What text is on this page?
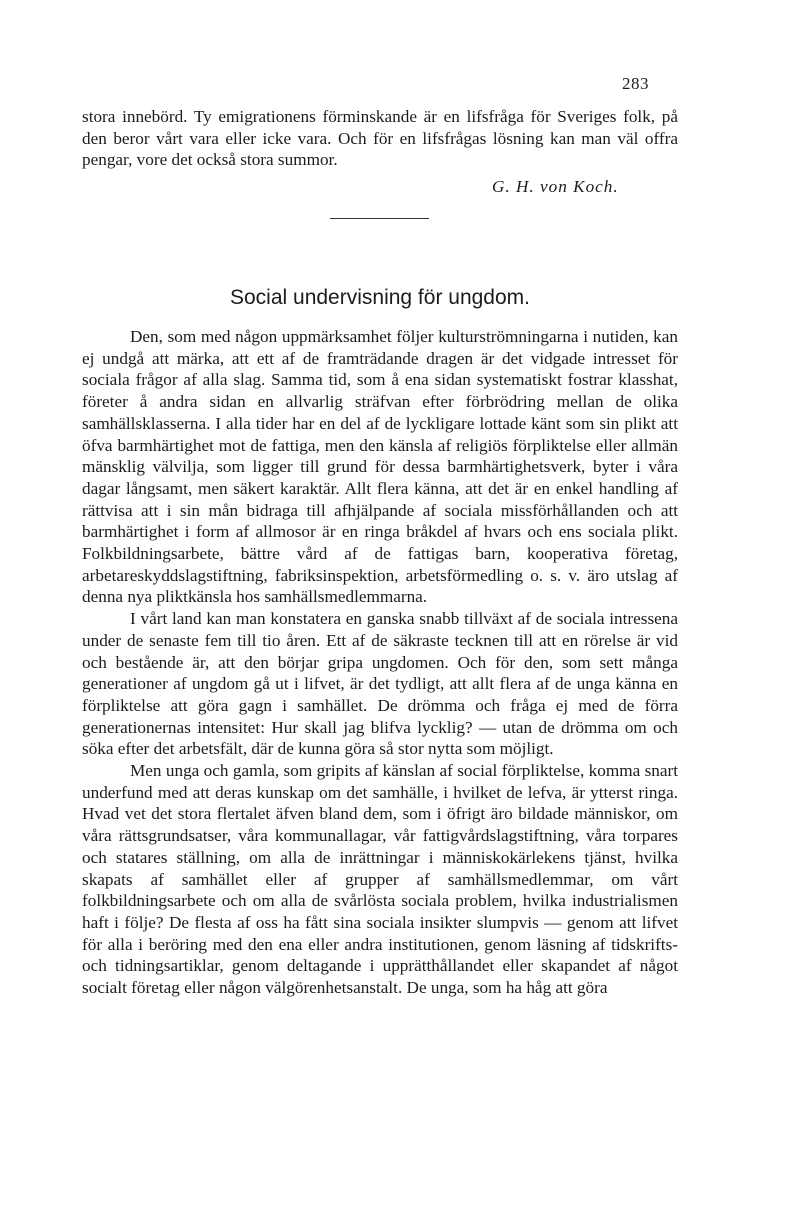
283

stora innebörd. Ty emigrationens förminskande är en lifsfråga för Sveriges folk, på den beror vårt vara eller icke vara. Och för en lifsfrågas lösning kan man väl offra pengar, vore det också stora summor.

G. H. von Koch.
Social undervisning för ungdom.

Den, som med någon uppmärksamhet följer kulturströmningarna i nutiden, kan ej undgå att märka, att ett af de framträdande dragen är det vidgade intresset för sociala frågor af alla slag. Samma tid, som å ena sidan systematiskt fostrar klasshat, företer å andra sidan en allvarlig sträfvan efter förbrödring mellan de olika samhällsklasserna. I alla tider har en del af de lyckligare lottade känt som sin plikt att öfva barmhärtighet mot de fattiga, men den känsla af religiös förpliktelse eller allmän mänsklig välvilja, som ligger till grund för dessa barmhärtighetsverk, byter i våra dagar långsamt, men säkert karaktär. Allt flera känna, att det är en enkel handling af rättvisa att i sin mån bidraga till afhjälpande af sociala missförhållanden och att barmhärtighet i form af allmosor är en ringa bråkdel af hvars och ens sociala plikt. Folkbildningsarbete, bättre vård af de fattigas barn, kooperativa företag, arbetareskyddslagstiftning, fabriksinspektion, arbetsförmedling o. s. v. äro utslag af denna nya pliktkänsla hos samhällsmedlemmarna.

I vårt land kan man konstatera en ganska snabb tillväxt af de sociala intressena under de senaste fem till tio åren. Ett af de säkraste tecknen till att en rörelse är vid och bestående är, att den börjar gripa ungdomen. Och för den, som sett många generationer af ungdom gå ut i lifvet, är det tydligt, att allt flera af de unga känna en förpliktelse att göra gagn i samhället. De drömma och fråga ej med de förra generationernas intensitet: Hur skall jag blifva lycklig? — utan de drömma om och söka efter det arbetsfält, där de kunna göra så stor nytta som möjligt.

Men unga och gamla, som gripits af känslan af social förpliktelse, komma snart underfund med att deras kunskap om det samhälle, i hvilket de lefva, är ytterst ringa. Hvad vet det stora flertalet äfven bland dem, som i öfrigt äro bildade människor, om våra rättsgrundsatser, våra kommunallagar, vår fattigvårdslagstiftning, våra torpares och statares ställning, om alla de inrättningar i människokärlekens tjänst, hvilka skapats af samhället eller af grupper af samhällsmedlemmar, om vårt folkbildningsarbete och om alla de svårlösta sociala problem, hvilka industrialismen haft i följe? De flesta af oss ha fått sina sociala insikter slumpvis — genom att lifvet för alla i beröring med den ena eller andra institutionen, genom läsning af tidskrifts- och tidningsartiklar, genom deltagande i upprätthållandet eller skapandet af något socialt företag eller någon välgörenhetsanstalt. De unga, som ha håg att göra
